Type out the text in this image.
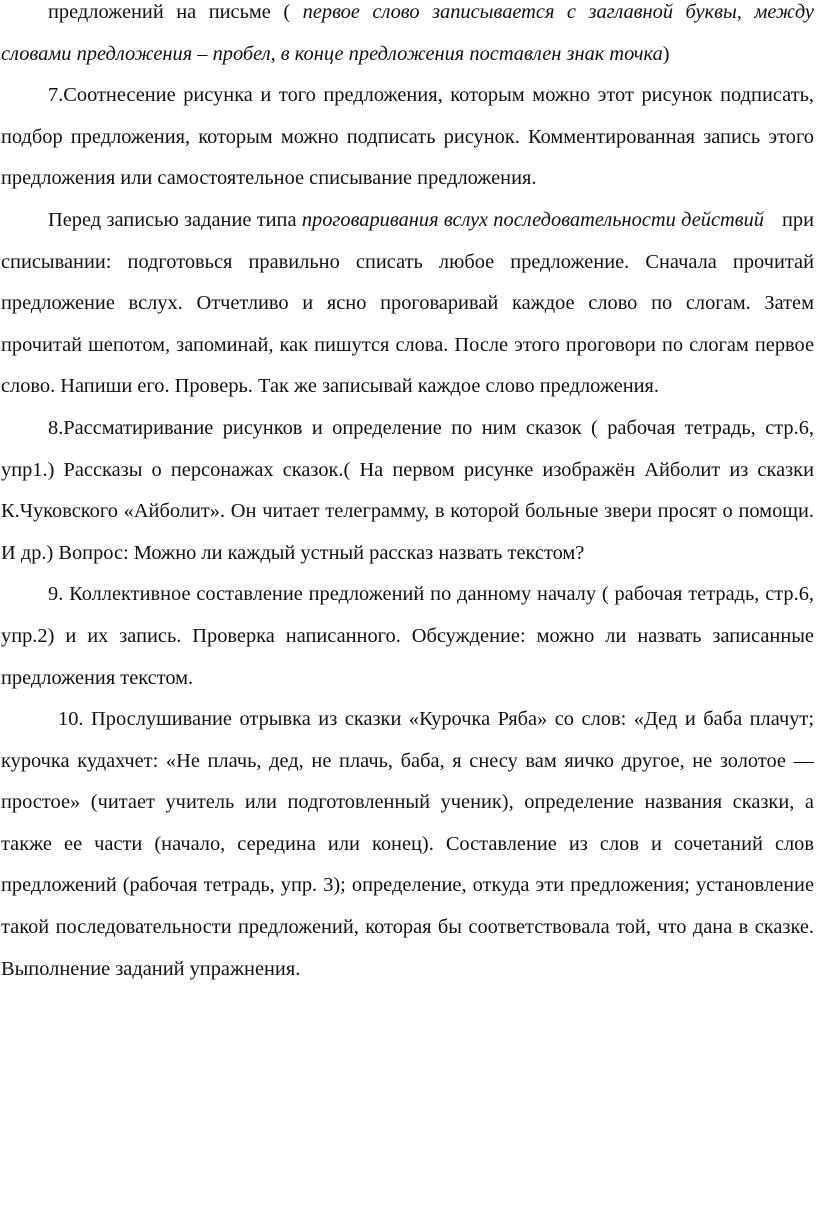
предложений на письме ( первое слово записывается с заглавной буквы, между словами предложения – пробел, в конце предложения поставлен знак точка)

7.Соотнесение рисунка и того предложения, которым можно этот рисунок подписать, подбор предложения, которым можно подписать рисунок. Комментированная запись этого предложения или самостоятельное списывание предложения.

Перед записью задание типа проговаривания вслух последовательности действий при списывании: подготовься правильно списать любое предложение. Сначала прочитай предложение вслух. Отчетливо и ясно проговаривай каждое слово по слогам. Затем прочитай шепотом, запоминай, как пишутся слова. После этого проговори по слогам первое слово. Напиши его. Проверь. Так же записывай каждое слово предложения.

8.Рассматиривание рисунков и определение по ним сказок ( рабочая тетрадь, стр.6, упр1.) Рассказы о персонажах сказок.( На первом рисунке изображён Айболит из сказки К.Чуковского «Айболит». Он читает телеграмму, в которой больные звери просят о помощи. И др.) Вопрос: Можно ли каждый устный рассказ назвать текстом?

9. Коллективное составление предложений по данному началу ( рабочая тетрадь, стр.6, упр.2) и их запись. Проверка написанного. Обсуждение: можно ли назвать записанные предложения текстом.

10. Прослушивание отрывка из сказки «Курочка Ряба» со слов: «Дед и баба плачут; курочка кудахчет: «Не плачь, дед, не плачь, баба, я снесу вам яичко другое, не золотое — простое» (читает учитель или подготовленный ученик), определение названия сказки, а также ее части (начало, середина или конец). Составление из слов и сочетаний слов предложений (рабочая тетрадь, упр. 3); определение, откуда эти предложения; установление такой последовательности предложений, которая бы соответствовала той, что дана в сказке. Выполнение заданий упражнения.
